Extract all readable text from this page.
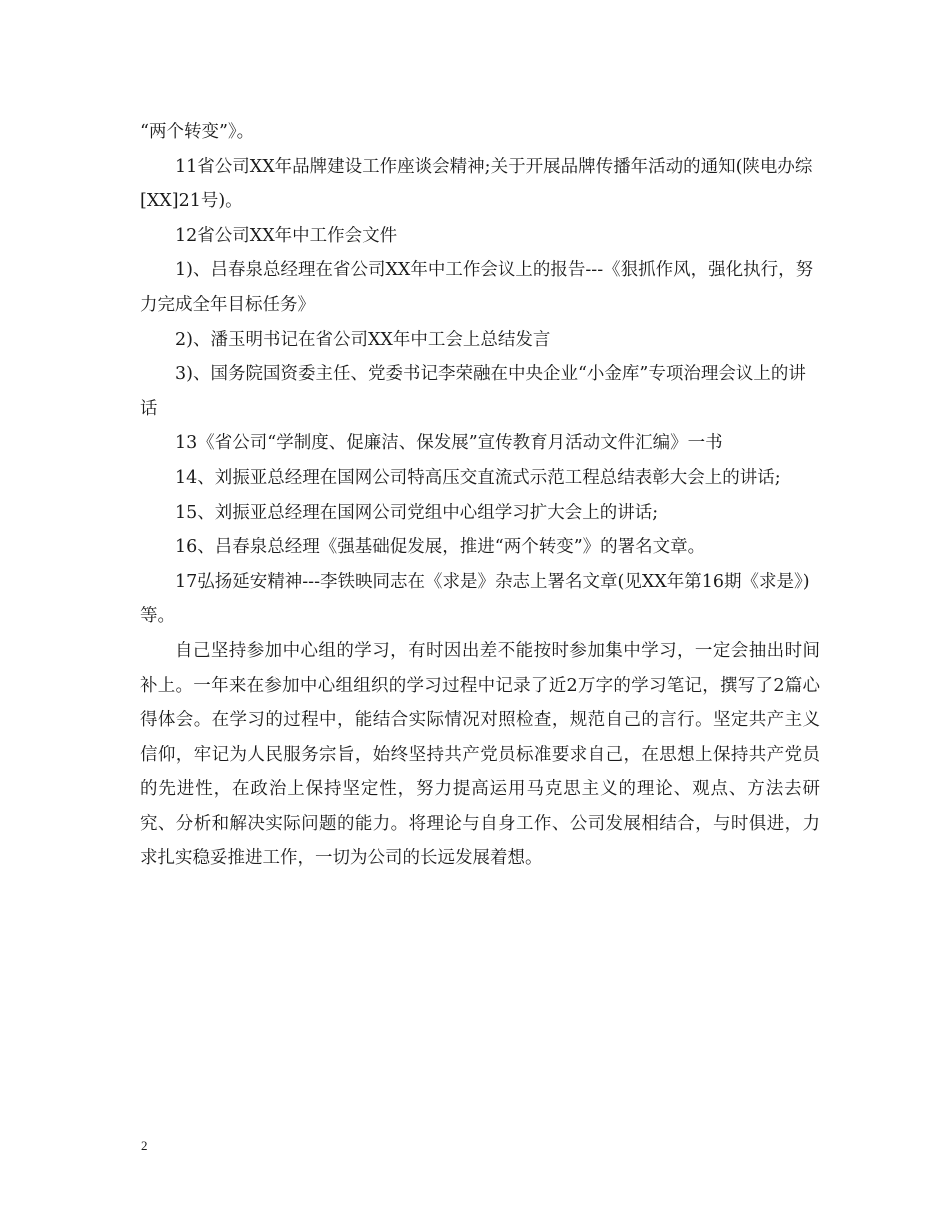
“两个转变”》。

11省公司XX年品牌建设工作座谈会精神;关于开展品牌传播年活动的通知(陕电办综[XX]21号)。

12省公司XX年中工作会文件

1)、吕春泉总经理在省公司XX年中工作会议上的报告---《狠抓作风，强化执行，努力完成全年目标任务》

2)、潘玉明书记在省公司XX年中工会上总结发言

3)、国务院国资委主任、党委书记李荣融在中央企业“小金库”专项治理会议上的讲话

13《省公司“学制度、促廉洁、保发展”宣传教育月活动文件汇编》一书

14、刘振亚总经理在国网公司特高压交直流式示范工程总结表彰大会上的讲话;

15、刘振亚总经理在国网公司党组中心组学习扩大会上的讲话;

16、吕春泉总经理《强基础促发展，推进“两个转变”》的署名文章。

17弘扬延安精神---李铁映同志在《求是》杂志上署名文章(见XX年第16期《求是》)等。

自己坚持参加中心组的学习，有时因出差不能按时参加集中学习，一定会抽出时间补上。一年来在参加中心组组织的学习过程中记录了近2万字的学习笔记，撰写了2篇心得体会。在学习的过程中，能结合实际情况对照检查，规范自己的言行。坚定共产主义信仰，牢记为人民服务宗旨，始终坚持共产党员标准要求自己，在思想上保持共产党员的先进性，在政治上保持坚定性，努力提高运用马克思主义的理论、观点、方法去研究、分析和解决实际问题的能力。将理论与自身工作、公司发展相结合，与时俱进，力求扎实稳妥推进工作，一切为公司的长远发展着想。

2
